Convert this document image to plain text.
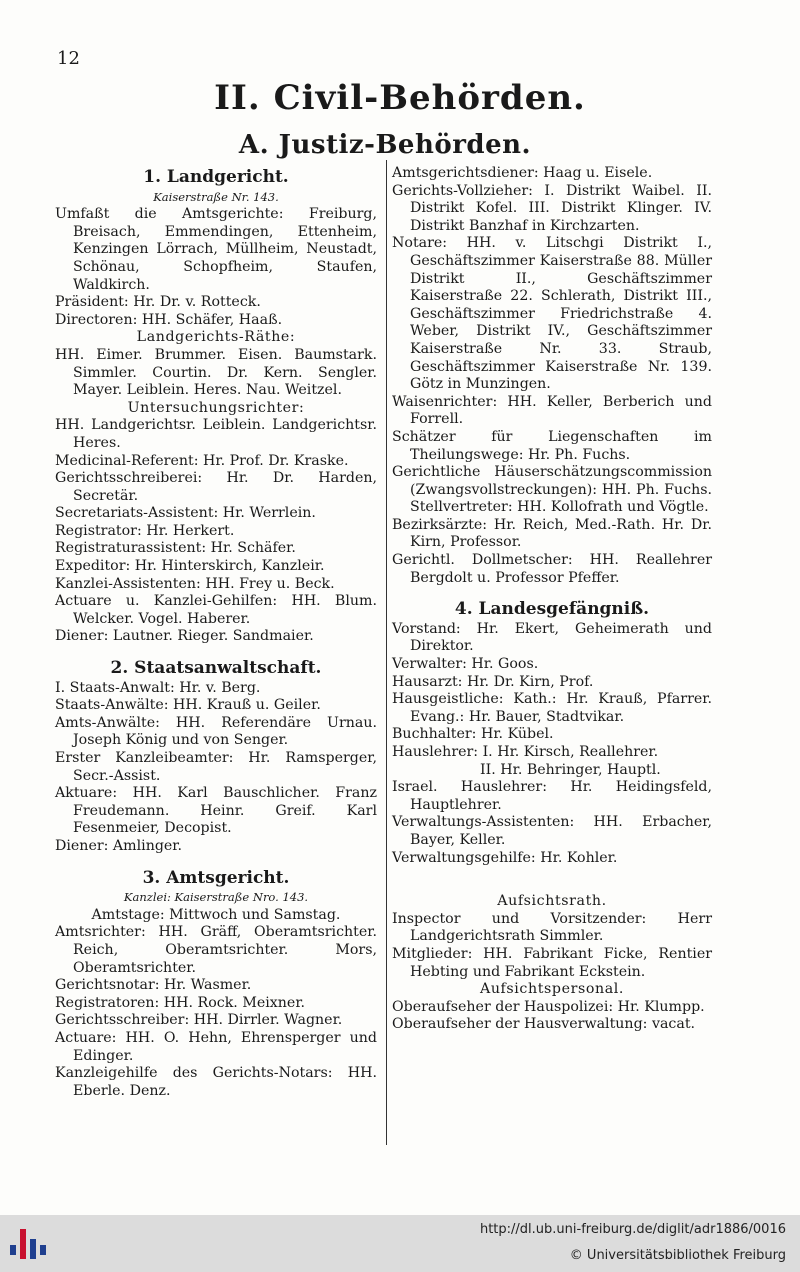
12
II. Civil-Behörden.
A. Justiz-Behörden.

1. Landgericht.

Kaiserstraße Nr. 143.

Umfaßt die Amtsgerichte: Freiburg, Breisach, Emmendingen, Ettenheim, Kenzingen Lörrach, Müllheim, Neustadt, Schönau, Schopfheim, Staufen, Waldkirch.

Präsident: Hr. Dr. v. Rotteck.

Directoren: HH. Schäfer, Haaß.

Landgerichts-Räthe:

HH. Eimer. Brummer. Eisen. Baumstark. Simmler. Courtin. Dr. Kern. Sengler. Mayer. Leiblein. Heres. Nau. Weitzel.

Untersuchungsrichter:

HH. Landgerichtsr. Leiblein. Landgerichtsr. Heres.

Medicinal-Referent: Hr. Prof. Dr. Kraske.

Gerichtsschreiberei: Hr. Dr. Harden, Secretär.

Secretariats-Assistent: Hr. Werrlein.

Registrator: Hr. Herkert.

Registraturassistent: Hr. Schäfer.

Expeditor: Hr. Hinterskirch, Kanzleir.

Kanzlei-Assistenten: HH. Frey u. Beck.

Actuare u. Kanzlei-Gehilfen: HH. Blum. Welcker. Vogel. Haberer.

Diener: Lautner. Rieger. Sandmaier.

2. Staatsanwaltschaft.

I. Staats-Anwalt: Hr. v. Berg.

Staats-Anwälte: HH. Krauß u. Geiler.

Amts-Anwälte: HH. Referendäre Urnau. Joseph König und von Senger.

Erster Kanzleibeamter: Hr. Ramsperger, Secr.-Assist.

Aktuare: HH. Karl Bauschlicher. Franz Freudemann. Heinr. Greif. Karl Fesenmeier, Decopist.

Diener: Amlinger.

3. Amtsgericht.

Kanzlei: Kaiserstraße Nro. 143.

Amtstage: Mittwoch und Samstag.

Amtsrichter: HH. Gräff, Oberamtsrichter. Reich, Oberamtsrichter. Mors, Oberamtsrichter.

Gerichtsnotar: Hr. Wasmer.

Registratoren: HH. Rock. Meixner.

Gerichtsschreiber: HH. Dirrler. Wagner.

Actuare: HH. O. Hehn, Ehrensperger und Edinger.

Kanzleigehilfe des Gerichts-Notars: HH. Eberle. Denz.

Amtsgerichtsdiener: Haag u. Eisele.

Gerichts-Vollzieher: I. Distrikt Waibel. II. Distrikt Kofel. III. Distrikt Klinger. IV. Distrikt Banzhaf in Kirchzarten.

Notare: HH. v. Litschgi Distrikt I., Geschäftszimmer Kaiserstraße 88. Müller Distrikt II., Geschäftszimmer Kaiserstraße 22. Schlerath, Distrikt III., Geschäftszimmer Friedrichstraße 4. Weber, Distrikt IV., Geschäftszimmer Kaiserstraße Nr. 33. Straub, Geschäftszimmer Kaiserstraße Nr. 139. Götz in Munzingen.

Waisenrichter: HH. Keller, Berberich und Forrell.

Schätzer für Liegenschaften im Theilungswege: Hr. Ph. Fuchs.

Gerichtliche Häuserschätzungscommission (Zwangsvollstreckungen): HH. Ph. Fuchs. Stellvertreter: HH. Kollofrath und Vögtle.

Bezirksärzte: Hr. Reich, Med.-Rath. Hr. Dr. Kirn, Professor.

Gerichtl. Dollmetscher: HH. Reallehrer Bergdolt u. Professor Pfeffer.

4. Landesgefängniß.

Vorstand: Hr. Ekert, Geheimerath und Direktor.

Verwalter: Hr. Goos.

Hausarzt: Hr. Dr. Kirn, Prof.

Hausgeistliche: Kath.: Hr. Krauß, Pfarrer. Evang.: Hr. Bauer, Stadtvikar.

Buchhalter: Hr. Kübel.

Hauslehrer: I. Hr. Kirsch, Reallehrer.

II. Hr. Behringer, Hauptl.

Israel. Hauslehrer: Hr. Heidingsfeld, Hauptlehrer.

Verwaltungs-Assistenten: HH. Erbacher, Bayer, Keller.

Verwaltungsgehilfe: Hr. Kohler.

Aufsichtsrath.

Inspector und Vorsitzender: Herr Landgerichtsrath Simmler.

Mitglieder: HH. Fabrikant Ficke, Rentier Hebting und Fabrikant Eckstein.

Aufsichtspersonal.

Oberaufseher der Hauspolizei: Hr. Klumpp.

Oberaufseher der Hausverwaltung: vacat.

http://dl.ub.uni-freiburg.de/diglit/adr1886/0016
© Universitätsbibliothek Freiburg
